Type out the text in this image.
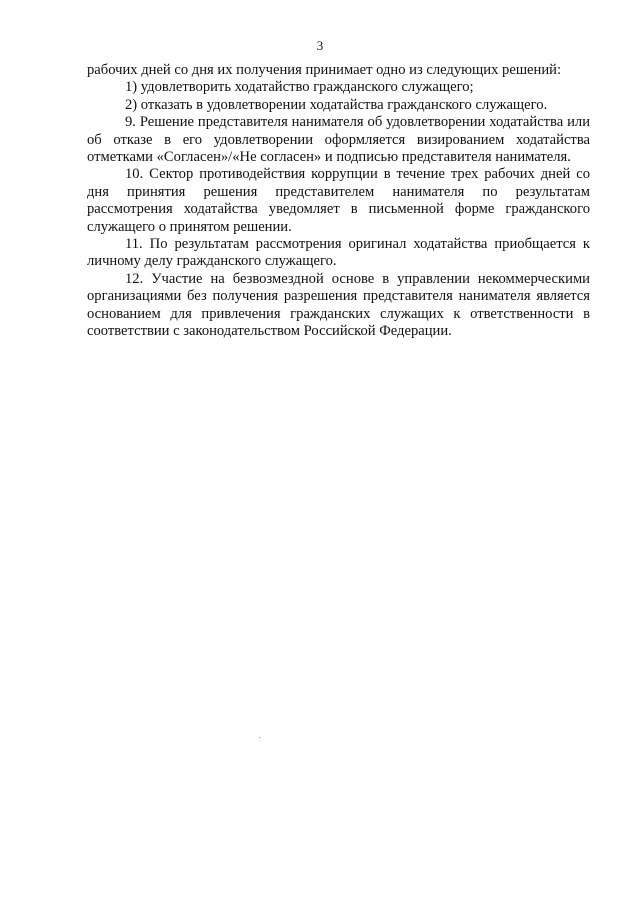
3

рабочих дней со дня их получения принимает одно из следующих решений:

1) удовлетворить ходатайство гражданского служащего;

2) отказать в удовлетворении ходатайства гражданского служащего.

9. Решение представителя нанимателя об удовлетворении ходатайства или об отказе в его удовлетворении оформляется визированием ходатайства отметками «Согласен»/«Не согласен» и подписью представителя нанимателя.

10. Сектор противодействия коррупции в течение трех рабочих дней со дня принятия решения представителем нанимателя по результатам рассмотрения ходатайства уведомляет в письменной форме гражданского служащего о принятом решении.

11. По результатам рассмотрения оригинал ходатайства приобщается к личному делу гражданского служащего.

12. Участие на безвозмездной основе в управлении некоммерческими организациями без получения разрешения представителя нанимателя является основанием для привлечения гражданских служащих к ответственности в соответствии с законодательством Российской Федерации.
